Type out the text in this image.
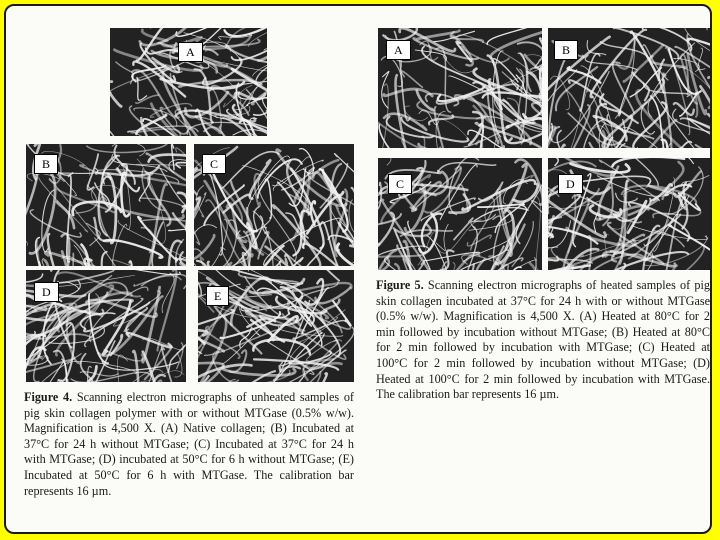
A
B	C
D	E
Figure 4. Scanning electron micrographs of unheated samples of pig skin collagen polymer with or without MTGase (0.5% w/w). Magnification is 4,500 X. (A) Native collagen; (B) Incubated at 37°C for 24 h without MTGase; (C) Incubated at 37°C for 24 h with MTGase; (D) incubated at 50°C for 6 h without MTGase; (E) Incubated at 50°C for 6 h with MTGase. The calibration bar represents 16 µm.
A	B
C	D
Figure 5. Scanning electron micrographs of heated samples of pig skin collagen incubated at 37°C for 24 h with or without MTGase (0.5% w/w). Magnification is 4,500 X. (A) Heated at 80°C for 2 min followed by incubation without MTGase; (B) Heated at 80°C for 2 min followed by incubation with MTGase; (C) Heated at 100°C for 2 min followed by incubation without MTGase; (D) Heated at 100°C for 2 min followed by incubation with MTGase. The calibration bar represents 16 µm.
